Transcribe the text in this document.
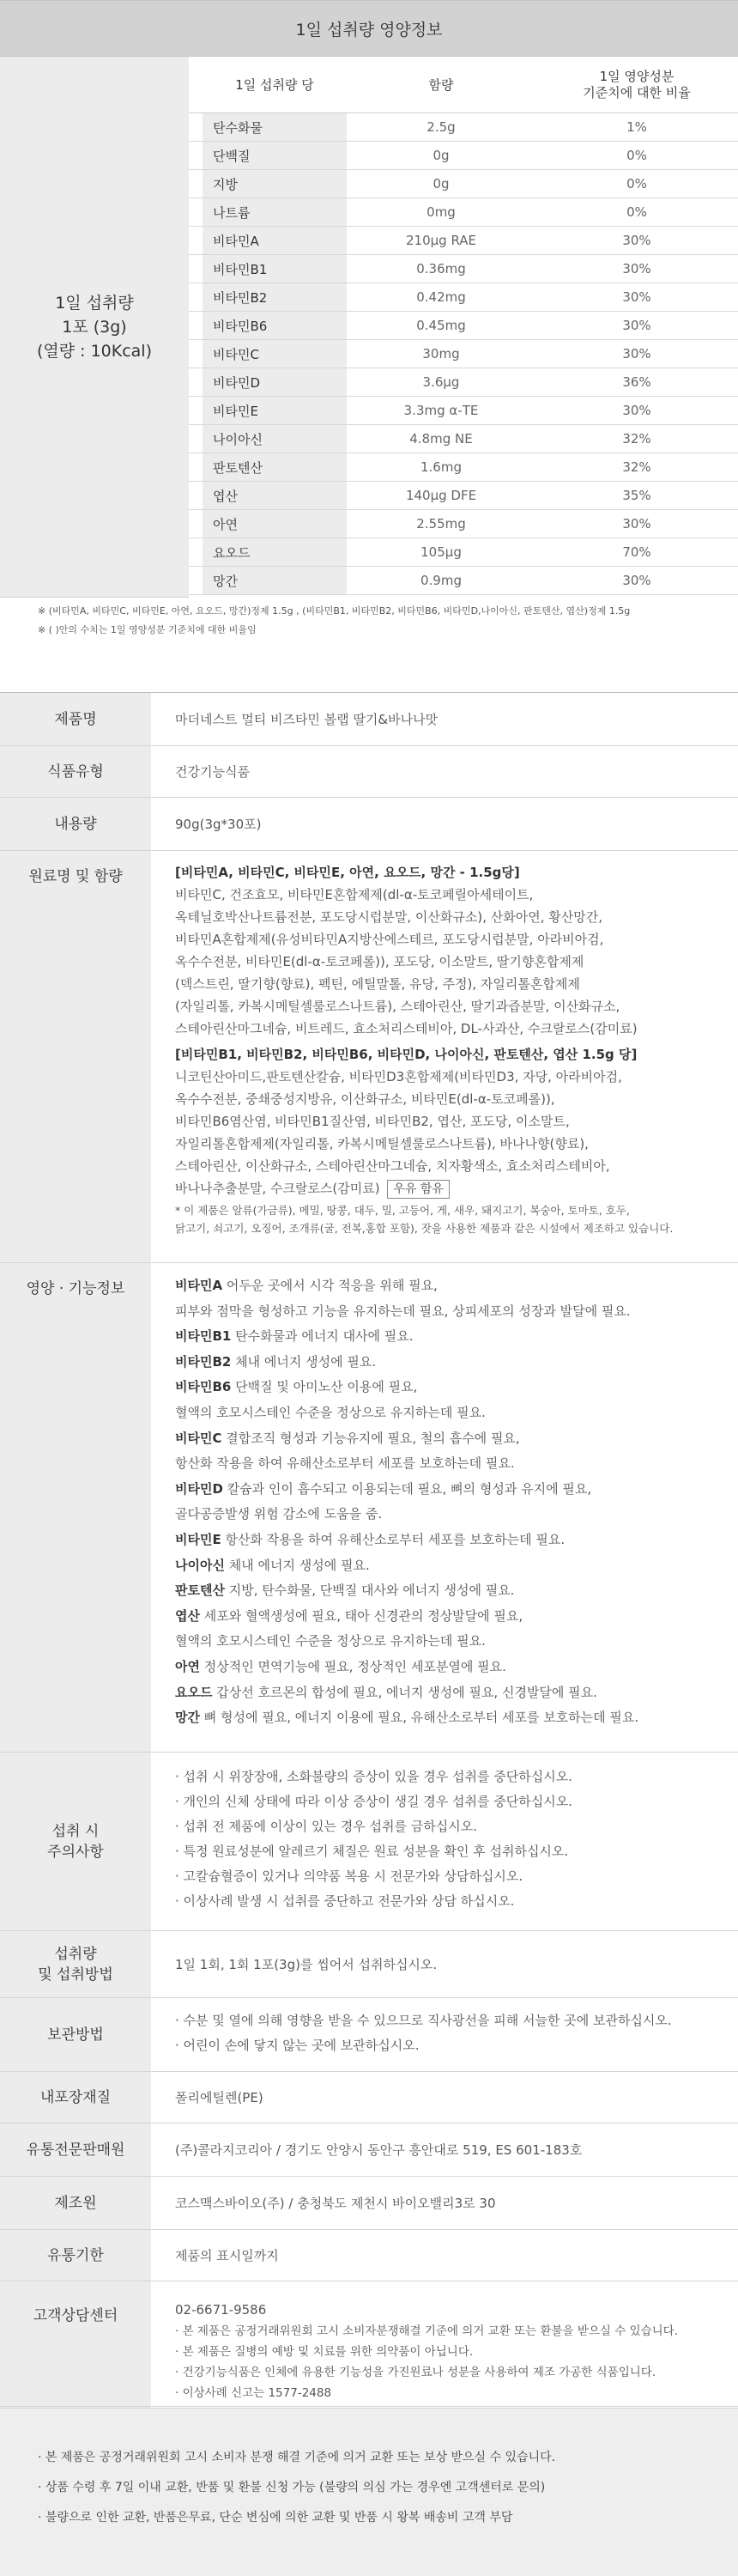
1일 섭취량 영양정보
1일 섭취량
1포 (3g)
(열량 : 10Kcal)
1일 섭취량 당	함량
1일 영양성분
기준치에 대한 비율
탄수화물	2.5g	1%
단백질	0g	0%
지방	0g	0%
나트륨	0mg	0%
비타민A	210μg RAE	30%
비타민B1	0.36mg	30%
비타민B2	0.42mg	30%
비타민B6	0.45mg	30%
비타민C	30mg	30%
비타민D	3.6μg	36%
비타민E	3.3mg α-TE	30%
나이아신	4.8mg NE	32%
판토텐산	1.6mg	32%
엽산	140μg DFE	35%
아연	2.55mg	30%
요오드	105μg	70%
망간	0.9mg	30%
※ (비타민A, 비타민C, 비타민E, 아연, 요오드, 망간)정제 1.5g , (비타민B1, 비타민B2, 비타민B6, 비타민D,나이아신, 판토텐산, 엽산)정제 1.5g
※ ( )안의 수치는 1일 영양성분 기준치에 대한 비율임
제품명	마더네스트 멀티 비즈타민 볼랩 딸기&바나나맛
식품유형	건강기능식품
내용량	90g(3g*30포)
원료명 및 함량	[비타민A, 비타민C, 비타민E, 아연, 요오드, 망간 - 1.5g당]
비타민C, 건조효모, 비타민E혼합제제(dl-α-토코페릴아세테이트,
옥테닐호박산나트륨전분, 포도당시럽분말, 이산화규소), 산화아연, 황산망간,
비타민A혼합제제(유성비타민A지방산에스테르, 포도당시럽분말, 아라비아검,
옥수수전분, 비타민E(dl-α-토코페롤)), 포도당, 이소말트, 딸기향혼합제제
(덱스트린, 딸기향(향료), 펙틴, 에틸말톨, 유당, 주정), 자일리톨혼합제제
(자일리톨, 카복시메틸셀룰로스나트륨), 스테아린산, 딸기과즙분말, 이산화규소,
스테아린산마그네슘, 비트레드, 효소처리스테비아, DL-사과산, 수크랄로스(감미료)
[비타민B1, 비타민B2, 비타민B6, 비타민D, 나이아신, 판토텐산, 엽산 1.5g 당]
니코틴산아미드,판토텐산칼슘, 비타민D3혼합제제(비타민D3, 자당, 아라비아검,
옥수수전분, 중쇄중성지방유, 이산화규소, 비타민E(dl-α-토코페롤)),
비타민B6염산염, 비타민B1질산염, 비타민B2, 엽산, 포도당, 이소말트,
자일리톨혼합제제(자일리톨, 카복시메틸셀룰로스나트륨), 바나나향(향료),
스테아린산, 이산화규소, 스테아린산마그네슘, 치자황색소, 효소처리스테비아,
바나나추출분말, 수크랄로스(감미료) 우유 함유
* 이 제품은 알류(가금류), 메밀, 땅콩, 대두, 밀, 고등어, 게, 새우, 돼지고기, 복숭아, 토마토, 호두,
닭고기, 쇠고기, 오징어, 조개류(굴, 전복,홍합 포함), 잣을 사용한 제품과 같은 시설에서 제조하고 있습니다.
영양 · 기능정보	비타민A 어두운 곳에서 시각 적응을 위해 필요,
피부와 점막을 형성하고 기능을 유지하는데 필요, 상피세포의 성장과 발달에 필요.
비타민B1 탄수화물과 에너지 대사에 필요.
비타민B2 체내 에너지 생성에 필요.
비타민B6 단백질 및 아미노산 이용에 필요,
혈액의 호모시스테인 수준을 정상으로 유지하는데 필요.
비타민C 결합조직 형성과 기능유지에 필요, 철의 흡수에 필요,
항산화 작용을 하여 유해산소로부터 세포를 보호하는데 필요.
비타민D 칼슘과 인이 흡수되고 이용되는데 필요, 뼈의 형성과 유지에 필요,
골다공증발생 위험 감소에 도움을 줌.
비타민E 항산화 작용을 하여 유해산소로부터 세포를 보호하는데 필요.
나이아신 체내 에너지 생성에 필요.
판토텐산 지방, 탄수화물, 단백질 대사와 에너지 생성에 필요.
엽산 세포와 혈액생성에 필요, 태아 신경관의 정상발달에 필요,
혈액의 호모시스테인 수준을 정상으로 유지하는데 필요.
아연 정상적인 면역기능에 필요, 정상적인 세포분열에 필요.
요오드 갑상선 호르몬의 합성에 필요, 에너지 생성에 필요, 신경발달에 필요.
망간 뼈 형성에 필요, 에너지 이용에 필요, 유해산소로부터 세포를 보호하는데 필요.
섭취 시
주의사항
· 섭취 시 위장장애, 소화불량의 증상이 있을 경우 섭취를 중단하십시오.
· 개인의 신체 상태에 따라 이상 증상이 생길 경우 섭취를 중단하십시오.
· 섭취 전 제품에 이상이 있는 경우 섭취를 금하십시오.
· 특정 원료성분에 알레르기 체질은 원료 성분을 확인 후 섭취하십시오.
· 고칼슘혈증이 있거나 의약품 복용 시 전문가와 상담하십시오.
· 이상사례 발생 시 섭취를 중단하고 전문가와 상담 하십시오.
섭취량
및 섭취방법
1일 1회, 1회 1포(3g)를 씹어서 섭취하십시오.
보관방법
· 수분 및 열에 의해 영향을 받을 수 있으므로 직사광선을 피해 서늘한 곳에 보관하십시오.
· 어린이 손에 닿지 않는 곳에 보관하십시오.
내포장재질	폴리에틸렌(PE)
유통전문판매원	(주)콜라지코리아 / 경기도 안양시 동안구 흥안대로 519, ES 601-183호
제조원	코스맥스바이오(주) / 충청북도 제천시 바이오밸리3로 30
유통기한	제품의 표시일까지
고객상담센터	02-6671-9586
· 본 제품은 공정거래위원회 고시 소비자분쟁해결 기준에 의거 교환 또는 환불을 받으실 수 있습니다.
· 본 제품은 질병의 예방 및 치료를 위한 의약품이 아닙니다.
· 건강기능식품은 인체에 유용한 기능성을 가진원료나 성분을 사용하여 제조 가공한 식품입니다.
· 이상사례 신고는 1577-2488
· 본 제품은 공정거래위원회 고시 소비자 분쟁 해결 기준에 의거 교환 또는 보상 받으실 수 있습니다.
· 상품 수령 후 7일 이내 교환, 반품 및 환불 신청 가능 (불량의 의심 가는 경우엔 고객센터로 문의)
· 불량으로 인한 교환, 반품은무료, 단순 변심에 의한 교환 및 반품 시 왕복 배송비 고객 부담
